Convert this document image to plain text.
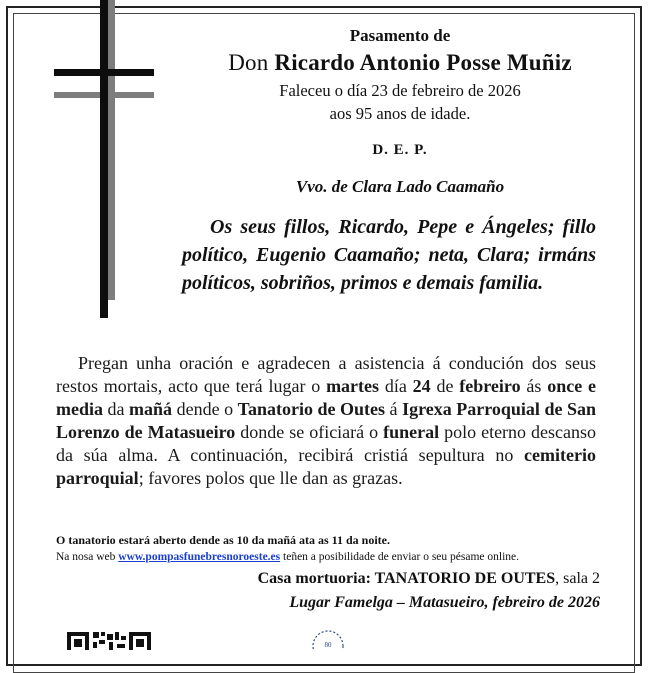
Pasamento de
Don Ricardo Antonio Posse Muñiz
Faleceu o día 23 de febreiro de 2026
aos 95 anos de idade.
D. E. P.
Vvo. de Clara Lado Caamaño
Os seus fillos, Ricardo, Pepe e Ángeles; fillo político, Eugenio Caamaño; neta, Clara; irmáns políticos, sobriños, primos e demais familia.
Pregan unha oración e agradecen a asistencia á condución dos seus restos mortais, acto que terá lugar o martes día 24 de febreiro ás once e media da mañá dende o Tanatorio de Outes á Igrexa Parroquial de San Lorenzo de Matasueiro donde se oficiará o funeral polo eterno descanso da súa alma. A continuación, recibirá cristiá sepultura no cemiterio parroquial; favores polos que lle dan as grazas.
O tanatorio estará aberto dende as 10 da mañá ata as 11 da noite.
Na nosa web www.pompasfunebresnoroeste.es teñen a posibilidade de enviar o seu pésame online.
Casa mortuoria: TANATORIO DE OUTES, sala 2
Lugar Famelga – Matasueiro, febreiro de 2026
80
